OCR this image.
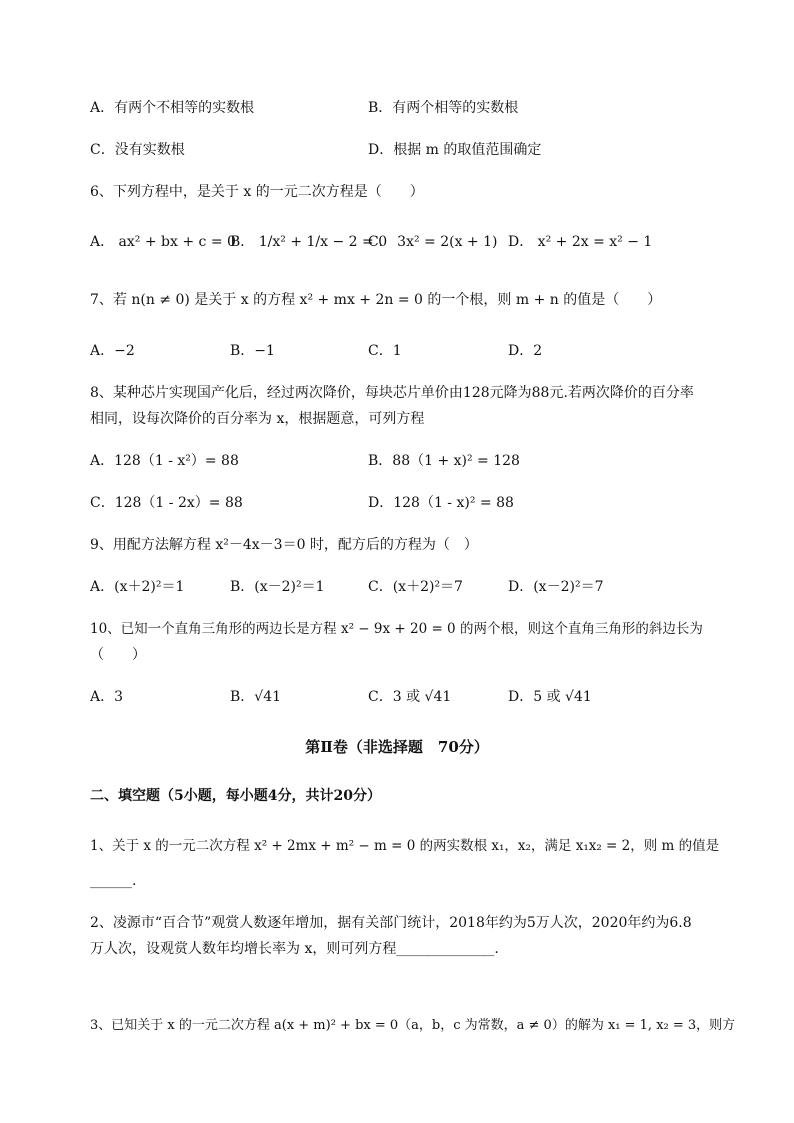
A．有两个不相等的实数根	B．有两个相等的实数根
C．没有实数根	D．根据 m 的取值范围确定
6、下列方程中，是关于 x 的一元二次方程是（　　）
A． ax² + bx + c = 0
B． 1/x² + 1/x − 2 = 0
C． 3x² = 2(x + 1) D． x² + 2x = x² − 1
7、若 n(n ≠ 0) 是关于 x 的方程 x² + mx + 2n = 0 的一个根，则 m + n 的值是（　　）
A．−2	B．−1	C．1	D．2
8、某种芯片实现国产化后，经过两次降价，每块芯片单价由128元降为88元.若两次降价的百分率
相同，设每次降价的百分率为 x，根据题意，可列方程
A．128（1 - x²）= 88	B．88（1 + x)² = 128
C．128（1 - 2x）= 88	D．128（1 - x)² = 88
9、用配方法解方程 x²－4x－3＝0 时，配方后的方程为（　）
A．(x＋2)²＝1	B．(x－2)²＝1	C．(x＋2)²＝7	D．(x－2)²＝7
10、已知一个直角三角形的两边长是方程 x² − 9x + 20 = 0 的两个根，则这个直角三角形的斜边长为
（　　）
A．3	B．√41	C．3 或 √41	D．5 或 √41
第Ⅱ卷（非选择题　70分）
二、填空题（5小题，每小题4分，共计20分）
1、关于 x 的一元二次方程 x² + 2mx + m² − m = 0 的两实数根 x₁，x₂，满足 x₁x₂ = 2，则 m 的值是
______.
2、凌源市“百合节”观赏人数逐年增加，据有关部门统计，2018年约为5万人次，2020年约为6.8
万人次，设观赏人数年均增长率为 x，则可列方程______________.
3、已知关于 x 的一元二次方程 a(x + m)² + bx = 0（a，b，c 为常数，a ≠ 0）的解为 x₁ = 1, x₂ = 3，则方
